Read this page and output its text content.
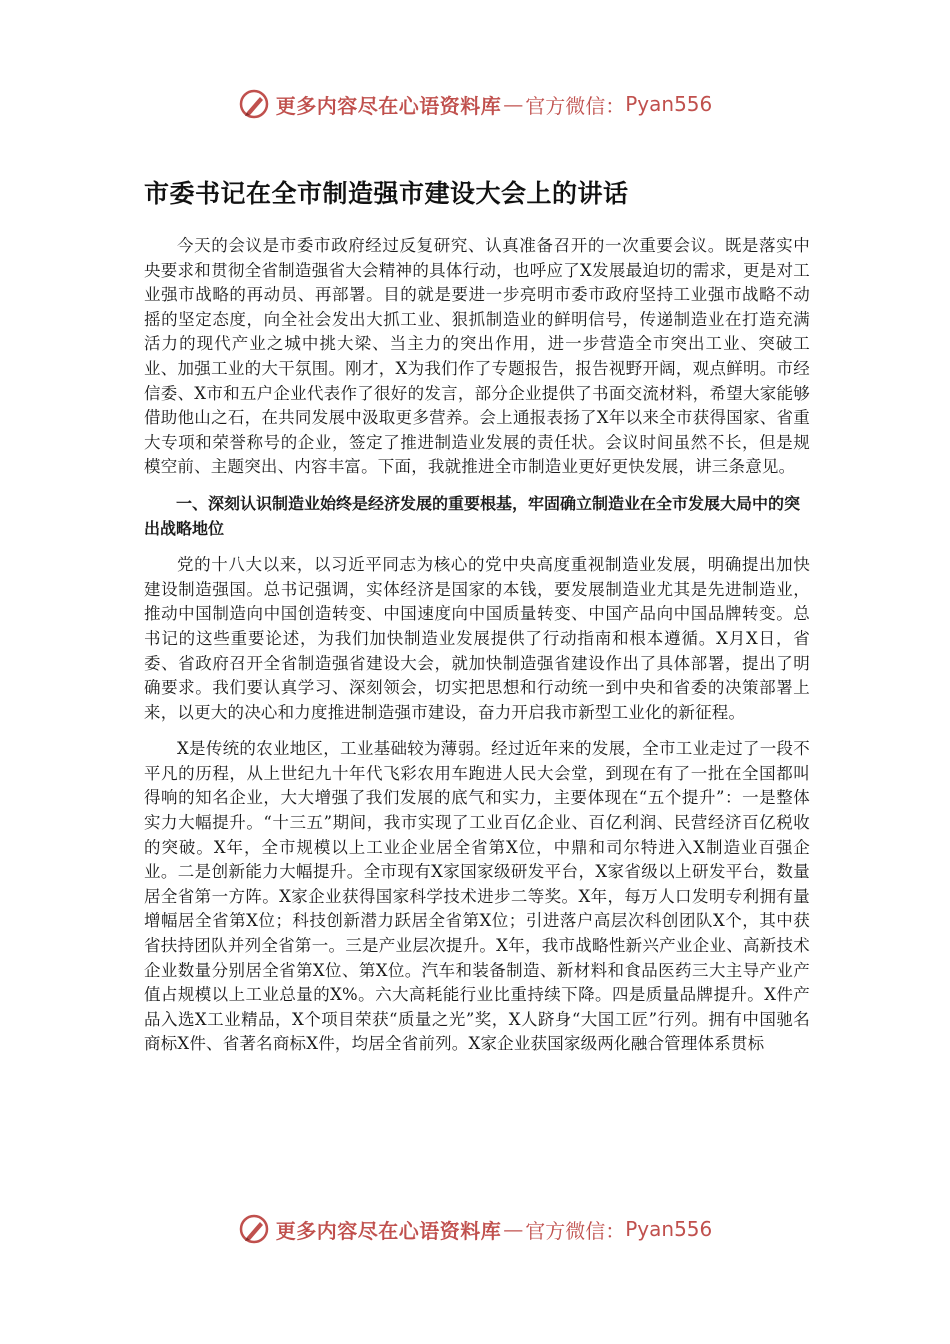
更多内容尽在心语资料库 — 官方微信： Pyan556
市委书记在全市制造强市建设大会上的讲话

今天的会议是市委市政府经过反复研究、认真准备召开的一次重要会议。既是落实中央要求和贯彻全省制造强省大会精神的具体行动，也呼应了X发展最迫切的需求，更是对工业强市战略的再动员、再部署。目的就是要进一步亮明市委市政府坚持工业强市战略不动摇的坚定态度，向全社会发出大抓工业、狠抓制造业的鲜明信号，传递制造业在打造充满活力的现代产业之城中挑大梁、当主力的突出作用，进一步营造全市突出工业、突破工业、加强工业的大干氛围。刚才，X为我们作了专题报告，报告视野开阔，观点鲜明。市经信委、X市和五户企业代表作了很好的发言，部分企业提供了书面交流材料，希望大家能够借助他山之石，在共同发展中汲取更多营养。会上通报表扬了X年以来全市获得国家、省重大专项和荣誉称号的企业，签定了推进制造业发展的责任状。会议时间虽然不长，但是规模空前、主题突出、内容丰富。下面，我就推进全市制造业更好更快发展，讲三条意见。

一、深刻认识制造业始终是经济发展的重要根基，牢固确立制造业在全市发展大局中的突出战略地位

党的十八大以来，以习近平同志为核心的党中央高度重视制造业发展，明确提出加快建设制造强国。总书记强调，实体经济是国家的本钱，要发展制造业尤其是先进制造业，推动中国制造向中国创造转变、中国速度向中国质量转变、中国产品向中国品牌转变。总书记的这些重要论述，为我们加快制造业发展提供了行动指南和根本遵循。X月X日，省委、省政府召开全省制造强省建设大会，就加快制造强省建设作出了具体部署，提出了明确要求。我们要认真学习、深刻领会，切实把思想和行动统一到中央和省委的决策部署上来，以更大的决心和力度推进制造强市建设，奋力开启我市新型工业化的新征程。

X是传统的农业地区，工业基础较为薄弱。经过近年来的发展，全市工业走过了一段不平凡的历程，从上世纪九十年代飞彩农用车跑进人民大会堂，到现在有了一批在全国都叫得响的知名企业，大大增强了我们发展的底气和实力，主要体现在“五个提升”：一是整体实力大幅提升。“十三五”期间，我市实现了工业百亿企业、百亿利润、民营经济百亿税收的突破。X年，全市规模以上工业企业居全省第X位，中鼎和司尔特进入X制造业百强企业。二是创新能力大幅提升。全市现有X家国家级研发平台，X家省级以上研发平台，数量居全省第一方阵。X家企业获得国家科学技术进步二等奖。X年，每万人口发明专利拥有量增幅居全省第X位；科技创新潜力跃居全省第X位；引进落户高层次科创团队X个，其中获省扶持团队并列全省第一。三是产业层次提升。X年，我市战略性新兴产业企业、高新技术企业数量分别居全省第X位、第X位。汽车和装备制造、新材料和食品医药三大主导产业产值占规模以上工业总量的X%。六大高耗能行业比重持续下降。四是质量品牌提升。X件产品入选X工业精品，X个项目荣获“质量之光”奖，X人跻身“大国工匠”行列。拥有中国驰名商标X件、省著名商标X件，均居全省前列。X家企业获国家级两化融合管理体系贯标

更多内容尽在心语资料库 — 官方微信： Pyan556
